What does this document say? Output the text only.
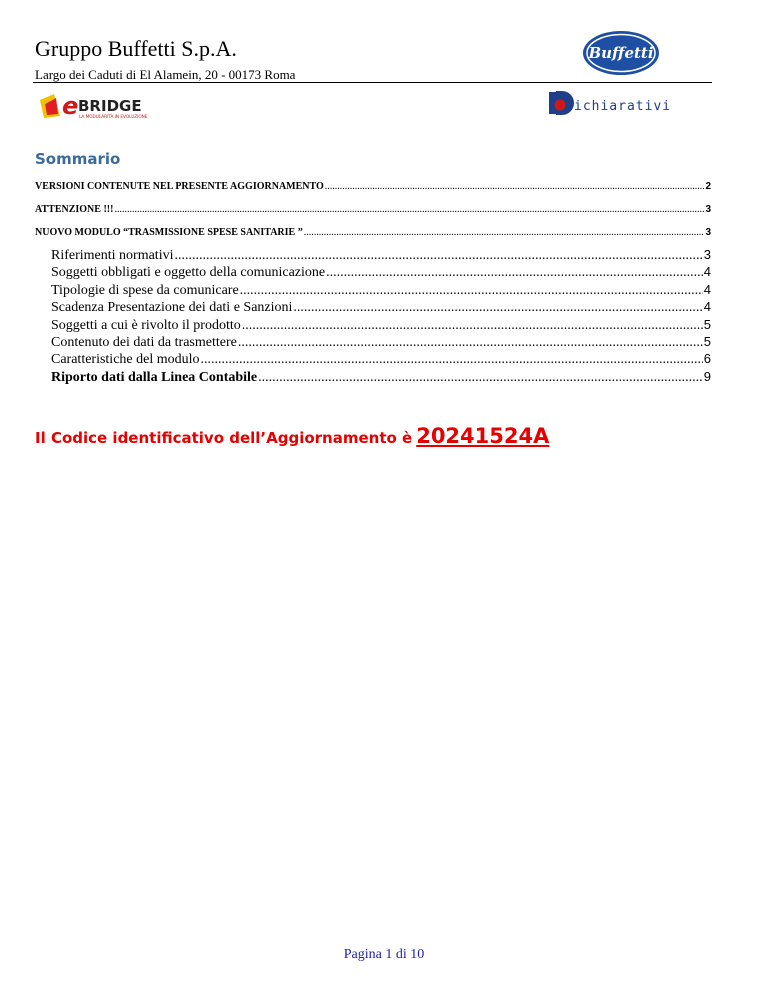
Gruppo Buffetti S.p.A.
Largo dei Caduti di El Alamein, 20 - 00173 Roma
Buffetti
e BRIDGE
LA MODULARITÀ IN EVOLUZIONE
ichiarativi
Sommario
VERSIONI CONTENUTE NEL PRESENTE AGGIORNAMENTO .....	2
ATTENZIONE !!! .....	3
NUOVO MODULO “TRASMISSIONE SPESE SANITARIE ” .....	3
Riferimenti normativi .....	3
Soggetti obbligati e oggetto della comunicazione .....	4
Tipologie di spese da comunicare .....	4
Scadenza Presentazione dei dati e Sanzioni .....	4
Soggetti a cui è rivolto il prodotto .....	5
Contenuto dei dati da trasmettere .....	5
Caratteristiche del modulo .....	6
Riporto dati dalla Linea Contabile .....	9
Il Codice identificativo dell’Aggiornamento è 20241524A
Pagina 1 di 10
